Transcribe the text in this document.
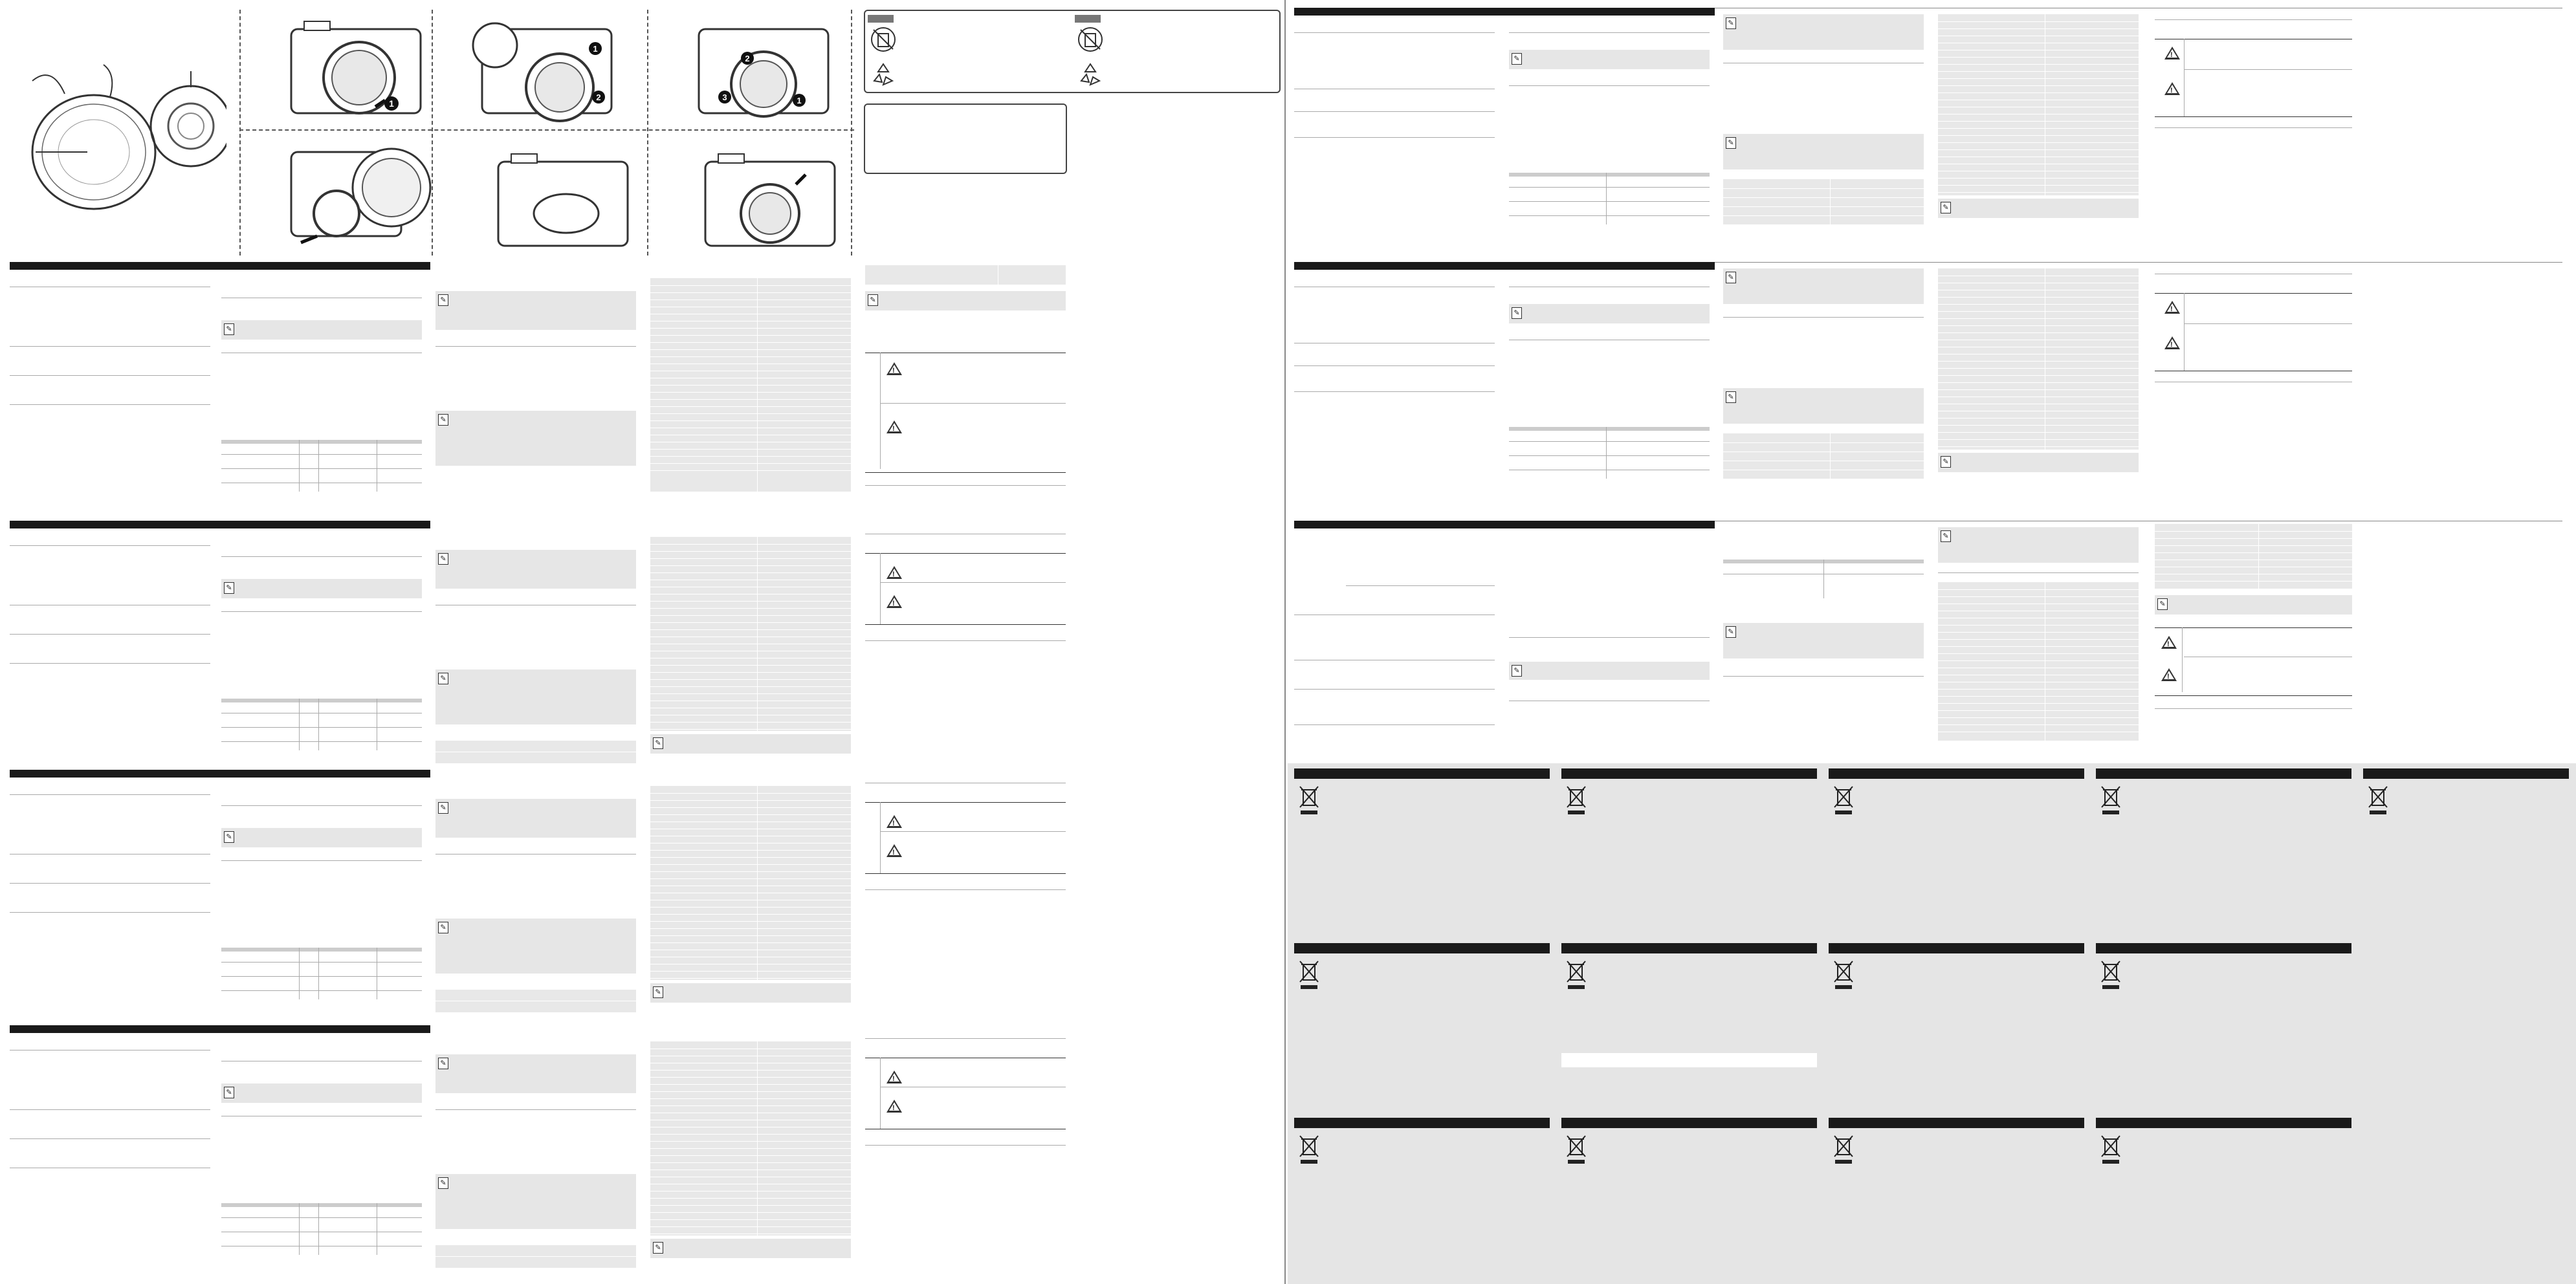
1
1
2
2
3	1
✎
✎
✎
✎
!
!
✎
✎
✎
✎
!
!
✎
✎
✎
✎
!
!
✎
✎
✎
✎
!
!
✎
✎
✎
✎
!
!
✎
✎
✎
✎
!
!
✎
✎
✎
✎
!
!
